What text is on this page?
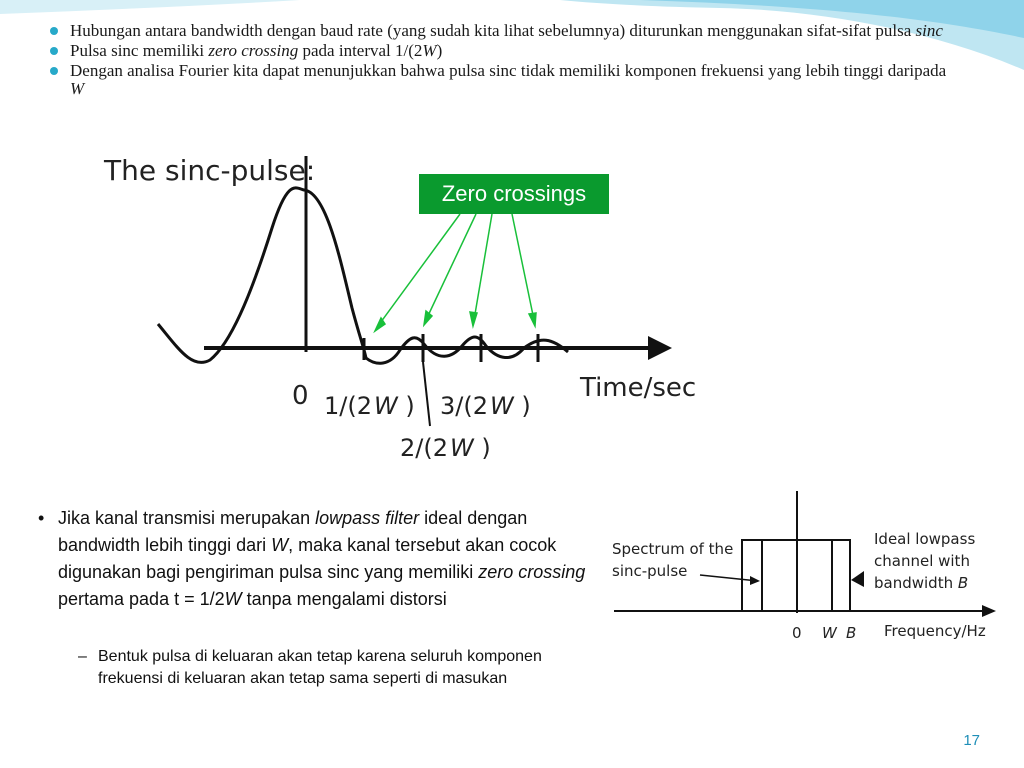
Hubungan antara bandwidth dengan baud rate (yang sudah kita lihat sebelumnya) diturunkan menggunakan sifat-sifat pulsa sinc
Pulsa sinc memiliki zero crossing pada interval 1/(2W)
Dengan analisa Fourier kita dapat menunjukkan bahwa pulsa sinc tidak memiliki komponen frekuensi yang lebih tinggi daripada W
The sinc-pulse:
0 1/(2W ) 3/(2W )
2/(2W )
Time/sec
Zero crossings
Spectrum of the
sinc-pulse
Ideal lowpass
channel with
bandwidth B
0 W B Frequency/Hz
• Jika kanal transmisi merupakan lowpass filter ideal dengan bandwidth lebih tinggi dari W, maka kanal tersebut akan cocok digunakan bagi pengiriman pulsa sinc yang memiliki zero crossing pertama pada t = 1/2W tanpa mengalami distorsi
– Bentuk pulsa di keluaran akan tetap karena seluruh komponen frekuensi di keluaran akan tetap sama seperti di masukan
17
